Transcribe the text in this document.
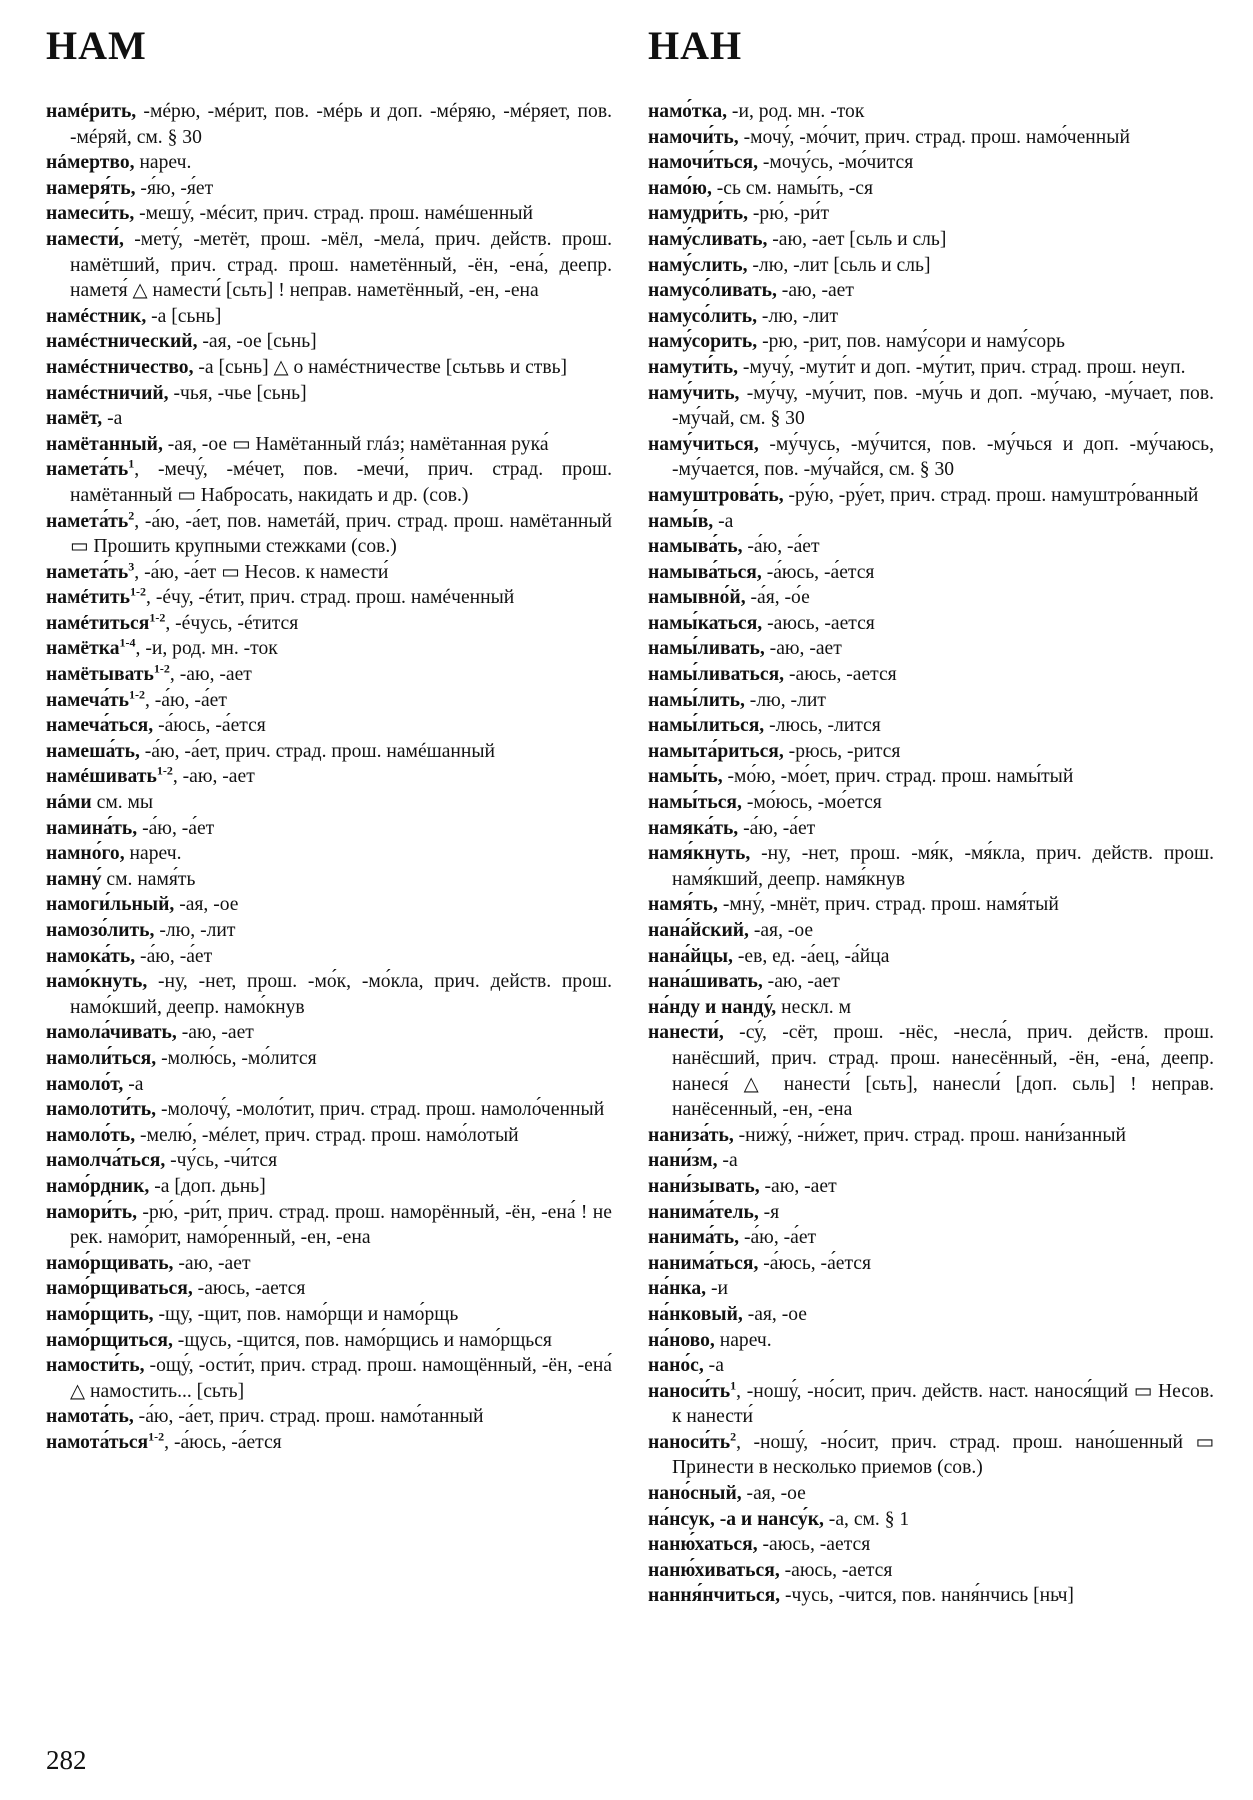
НАМ	НАН
намéрить, -мéрю, -мéрит, пов. -мéрь и доп. -мéряю, -мéряет, пов. -мéряй, см. § 30
нáмертво, нареч.
намеря́ть, -я́ю, -я́ет
намеси́ть, -мешу́, -мéсит, прич. страд. прош. намéшенный
намести́, -мету́, -метёт, прош. -мёл, -мела́, прич. действ. прош. намётший, прич. страд. прош. наметённый, -ён, -ена́, деепр. наметя́ △ намести́ [сьть] ! неправ. наметённый, -ен, -ена
намéстник, -а [сьнь]
намéстнический, -ая, -ое [сьнь]
намéстничество, -а [сьнь] △ о намéстничестве [сьтьвь и ствь]
намéстничий, -чья, -чье [сьнь]
намёт, -а
намётанный, -ая, -ое ▭ Намётанный глáз; намётанная рука́
$намета́ть^1$, -мечу́, -мéчет, пов. -мечи́, прич. страд. прош. намётанный ▭ Набросать, накидать и др. (сов.)
$намета́ть^2$, -а́ю, -а́ет, пов. наметáй, прич. страд. прош. намётанный ▭ Прошить крупными стежками (сов.)
$намета́ть^3$, -а́ю, -а́ет ▭ Несов. к намести́
намéтить$^{1-2}$, -éчу, -éтит, прич. страд. прош. намéченный
намéтиться$^{1-2}$, -éчусь, -éтится
намётка$^{1-4}$, -и, род. мн. -ток
намётывать$^{1-2}$, -аю, -ает
$намеча́ть^{1-2}$, -а́ю, -а́ет
намеча́ться, -а́юсь, -а́ется
намеша́ть, -а́ю, -а́ет, прич. страд. прош. намéшанный
намéшивать$^{1-2}$, -аю, -ает
нáми см. мы
намина́ть, -а́ю, -а́ет
намно́го, нареч.
намну́ см. намя́ть
намоги́льный, -ая, -ое
намозо́лить, -лю, -лит
намока́ть, -а́ю, -а́ет
намо́кнуть, -ну, -нет, прош. -мо́к, -мо́кла, прич. действ. прош. намо́кший, деепр. намо́кнув
намола́чивать, -аю, -ает
намоли́ться, -молю́сь, -мо́лится
намоло́т, -а
намолоти́ть, -молочу́, -моло́тит, прич. страд. прош. намоло́ченный
намоло́ть, -мелю́, -мéлет, прич. страд. прош. намо́лотый
намолча́ться, -чу́сь, -чи́тся
намо́рдник, -а [доп. дьнь]
намори́ть, -рю́, -ри́т, прич. страд. прош. наморённый, -ён, -ена́ ! не рек. намо́рит, намо́ренный, -ен, -ена
намо́рщивать, -аю, -ает
намо́рщиваться, -аюсь, -ается
намо́рщить, -щу, -щит, пов. намо́рщи и намо́рщь
намо́рщиться, -щусь, -щится, пов. намо́рщись и намо́рщься
намости́ть, -ощу́, -ости́т, прич. страд. прош. намощённый, -ён, -ена́ △ намостить... [сьть]
намота́ть, -а́ю, -а́ет, прич. страд. прош. намо́танный
намота́ться$^{1-2}$, -а́юсь, -а́ется
намо́тка, -и, род. мн. -ток
намочи́ть, -мочу́, -мо́чит, прич. страд. прош. намо́ченный
намочи́ться, -мочу́сь, -мо́чится
намо́ю, -сь см. намы́ть, -ся
намудри́ть, -рю́, -ри́т
наму́сливать, -аю, -ает [сьль и сль]
наму́слить, -лю, -лит [сьль и сль]
намусо́ливать, -аю, -ает
намусо́лить, -лю, -лит
наму́сорить, -рю, -рит, пов. наму́сори и наму́сорь
намути́ть, -мучу́, -мути́т и доп. -му́тит, прич. страд. прош. неуп.
наму́чить, -му́чу, -му́чит, пов. -му́чь и доп. -му́чаю, -му́чает, пов. -му́чай, см. § 30
наму́читься, -му́чусь, -му́чится, пов. -му́чься и доп. -му́чаюсь, -му́чается, пов. -му́чайся, см. § 30
намуштрова́ть, -ру́ю, -ру́ет, прич. страд. прош. намуштро́ванный
намы́в, -а
намыва́ть, -а́ю, -а́ет
намыва́ться, -а́юсь, -а́ется
намывно́й, -а́я, -о́е
намы́каться, -аюсь, -ается
намы́ливать, -аю, -ает
намы́ливаться, -аюсь, -ается
намы́лить, -лю, -лит
намы́литься, -люсь, -лится
намыта́риться, -рюсь, -рится
намы́ть, -мо́ю, -мо́ет, прич. страд. прош. намы́тый
намы́ться, -мо́юсь, -мо́ется
намяка́ть, -а́ю, -а́ет
намя́кнуть, -ну, -нет, прош. -мя́к, -мя́кла, прич. действ. прош. намя́кший, деепр. намя́кнув
намя́ть, -мну́, -мнёт, прич. страд. прош. намя́тый
нана́йский, -ая, -ое
нана́йцы, -ев, ед. -а́ец, -а́йца
нана́шивать, -аю, -ает
на́нду и нанду́, нескл. м
нанести́, -су́, -сёт, прош. -нёс, -несла́, прич. действ. прош. нанёсший, прич. страд. прош. нанесённый, -ён, -ена́, деепр. нанеся́ △ нанести́ [сьть], нанесли́ [доп. сьль] ! неправ. нанёсенный, -ен, -ена
наниза́ть, -нижу́, -ни́жет, прич. страд. прош. нани́занный
нани́зм, -а
нани́зывать, -аю, -ает
нанима́тель, -я
нанима́ть, -а́ю, -а́ет
нанима́ться, -а́юсь, -а́ется
на́нка, -и
на́нковый, -ая, -ое
на́ново, нареч.
нано́с, -а
$наноси́ть^1$, -ношу́, -но́сит, прич. действ. наст. нанося́щий ▭ Несов. к нанести́
$наноси́ть^2$, -ношу́, -но́сит, прич. страд. прош. нано́шенный ▭ Принести в несколько приемов (сов.)
нано́сный, -ая, -ое
на́нсук, -а и нансу́к, -а, см. § 1
наню́хаться, -аюсь, -ается
наню́хиваться, -аюсь, -ается
нання́нчиться, -чусь, -чится, пов. наня́нчись [ньч]
282
